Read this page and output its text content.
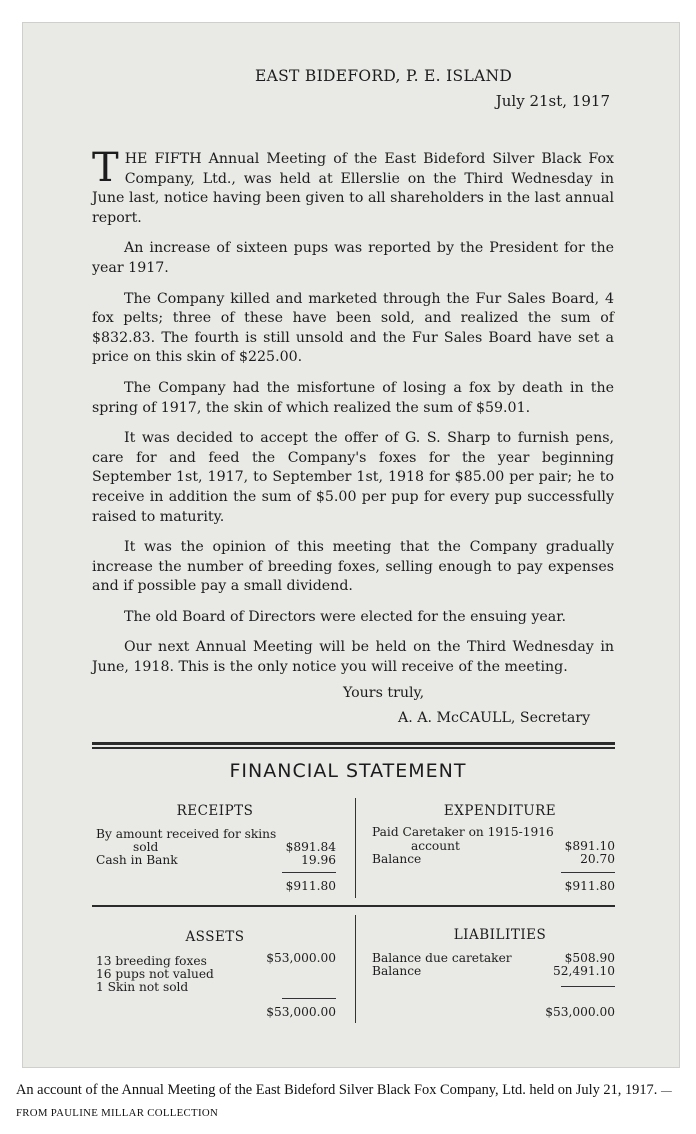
EAST BIDEFORD, P. E. ISLAND
July 21st, 1917

THE FIFTH Annual Meeting of the East Bideford Silver Black Fox Company, Ltd., was held at Ellerslie on the Third Wednesday in June last, notice having been given to all shareholders in the last annual report.

An increase of sixteen pups was reported by the President for the year 1917.

The Company killed and marketed through the Fur Sales Board, 4 fox pelts; three of these have been sold, and realized the sum of $832.83. The fourth is still unsold and the Fur Sales Board have set a price on this skin of $225.00.

The Company had the misfortune of losing a fox by death in the spring of 1917, the skin of which realized the sum of $59.01.

It was decided to accept the offer of G. S. Sharp to furnish pens, care for and feed the Company's foxes for the year beginning September 1st, 1917, to September 1st, 1918 for $85.00 per pair; he to receive in addition the sum of $5.00 per pup for every pup successfully raised to maturity.

It was the opinion of this meeting that the Company gradually increase the number of breeding foxes, selling enough to pay expenses and if possible pay a small dividend.

The old Board of Directors were elected for the ensuing year.

Our next Annual Meeting will be held on the Third Wednesday in June, 1918. This is the only notice you will receive of the meeting.

Yours truly,
A. A. McCAULL, Secretary
FINANCIAL STATEMENT
RECEIPTS
By amount received for skins
sold	$891.84
Cash in Bank	19.96
$911.80
EXPENDITURE
Paid Caretaker on 1915-1916
account	$891.10
Balance	20.70
$911.80
ASSETS
13 breeding foxes	$53,000.00
16 pups not valued
1 Skin not sold
$53,000.00
LIABILITIES
Balance due caretaker	$508.90
Balance	52,491.10
$53,000.00
An account of the Annual Meeting of the East Bideford Silver Black Fox Company, Ltd. held on July 21, 1917. —FROM PAULINE MILLAR COLLECTION
